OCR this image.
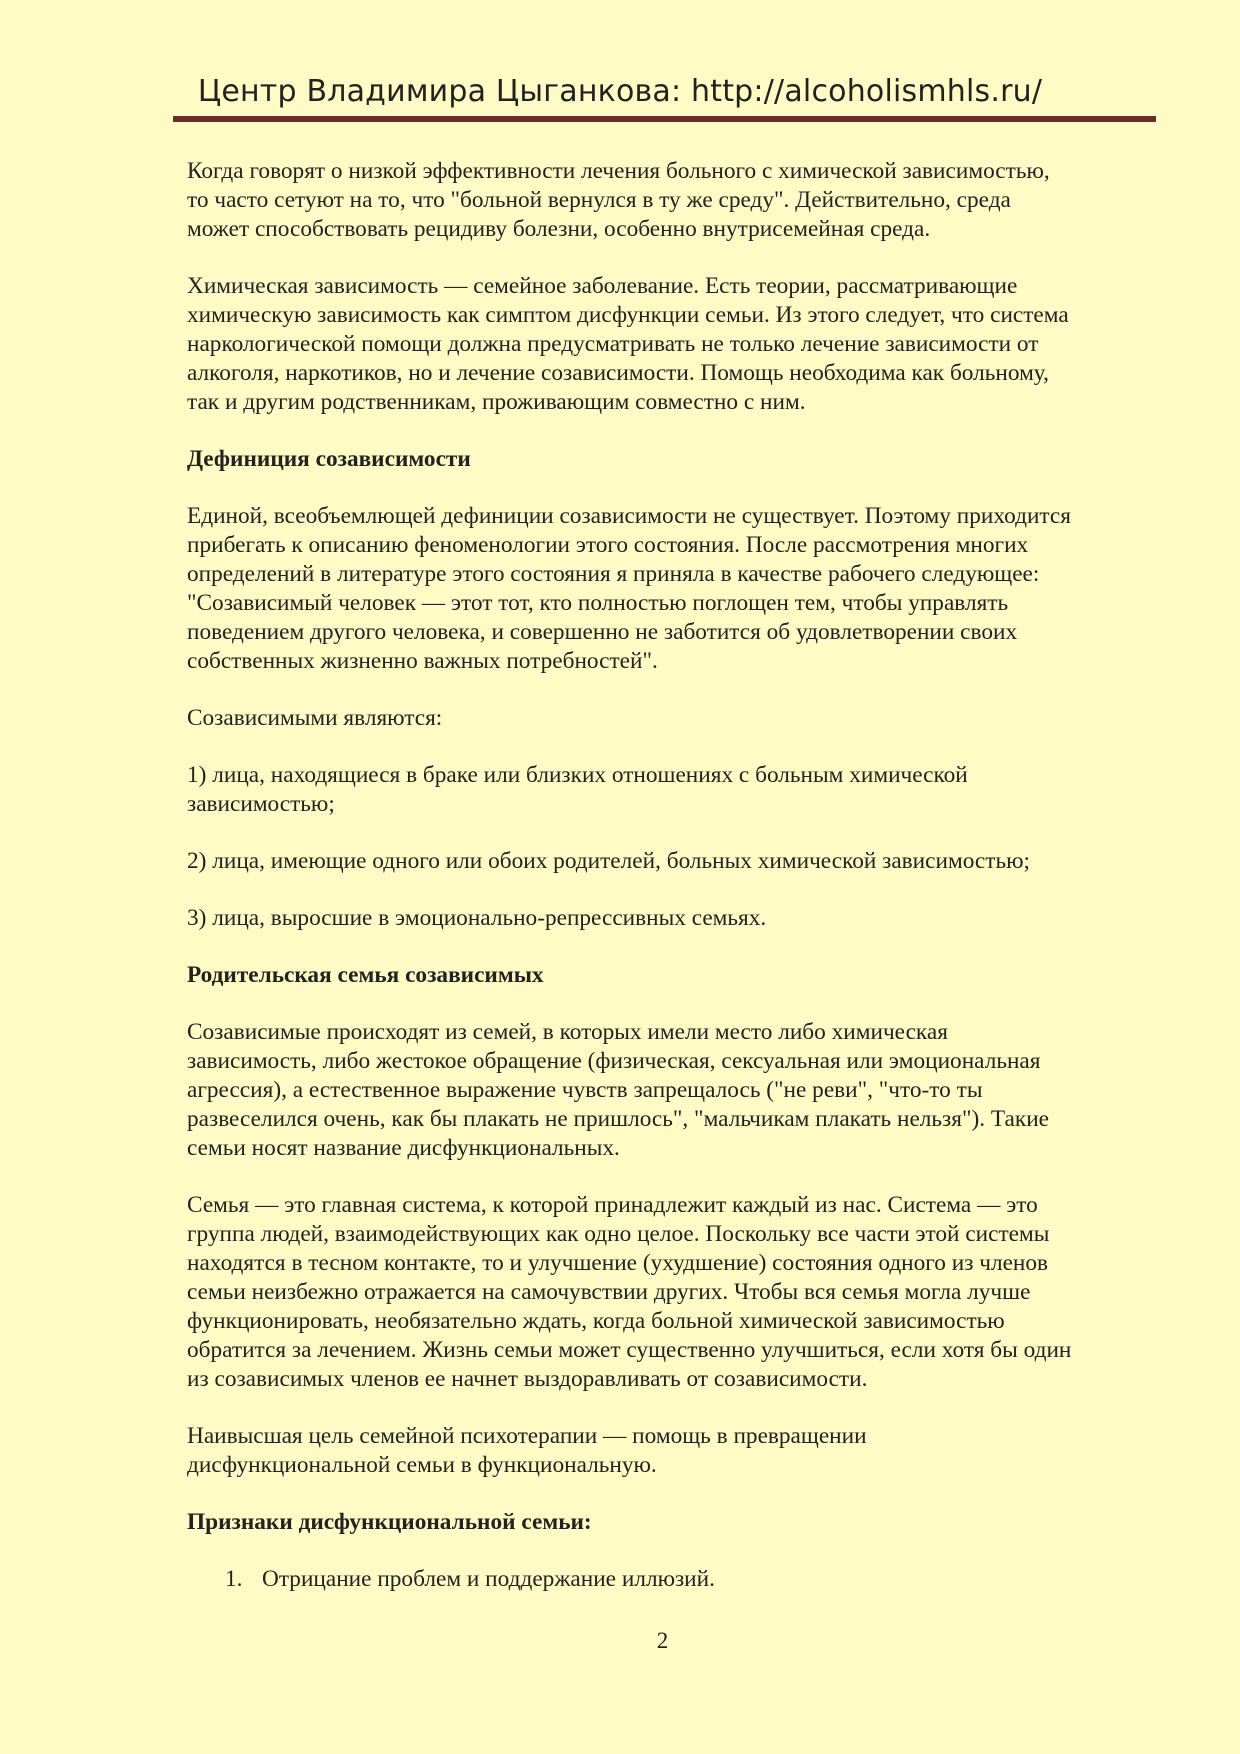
Центр Владимира Цыганкова: http://alcoholismhls.ru/

Когда говорят о низкой эффективности лечения больного с химической зависимостью,
то часто сетуют на то, что "больной вернулся в ту же среду". Действительно, среда
может способствовать рецидиву болезни, особенно внутрисемейная среда.

Химическая зависимость — семейное заболевание. Есть теории, рассматривающие
химическую зависимость как симптом дисфункции семьи. Из этого следует, что система
наркологической помощи должна предусматривать не только лечение зависимости от
алкоголя, наркотиков, но и лечение созависимости. Помощь необходима как больному,
так и другим родственникам, проживающим совместно с ним.

Дефиниция созависимости

Единой, всеобъемлющей дефиниции созависимости не существует. Поэтому приходится
прибегать к описанию феноменологии этого состояния. После рассмотрения многих
определений в литературе этого состояния я приняла в качестве рабочего следующее:
"Созависимый человек — этот тот, кто полностью поглощен тем, чтобы управлять
поведением другого человека, и совершенно не заботится об удовлетворении своих
собственных жизненно важных потребностей".

Созависимыми являются:

1) лица, находящиеся в браке или близких отношениях с больным химической
зависимостью;

2) лица, имеющие одного или обоих родителей, больных химической зависимостью;

3) лица, выросшие в эмоционально-репрессивных семьях.

Родительская семья созависимых

Созависимые происходят из семей, в которых имели место либо химическая
зависимость, либо жестокое обращение (физическая, сексуальная или эмоциональная
агрессия), а естественное выражение чувств запрещалось ("не реви", "что-то ты
развеселился очень, как бы плакать не пришлось", "мальчикам плакать нельзя"). Такие
семьи носят название дисфункциональных.

Семья — это главная система, к которой принадлежит каждый из нас. Система — это
группа людей, взаимодействующих как одно целое. Поскольку все части этой системы
находятся в тесном контакте, то и улучшение (ухудшение) состояния одного из членов
семьи неизбежно отражается на самочувствии других. Чтобы вся семья могла лучше
функционировать, необязательно ждать, когда больной химической зависимостью
обратится за лечением. Жизнь семьи может существенно улучшиться, если хотя бы один
из созависимых членов ее начнет выздоравливать от созависимости.

Наивысшая цель семейной психотерапии — помощь в превращении
дисфункциональной семьи в функциональную.

Признаки дисфункциональной семьи:

1. Отрицание проблем и поддержание иллюзий.
2
